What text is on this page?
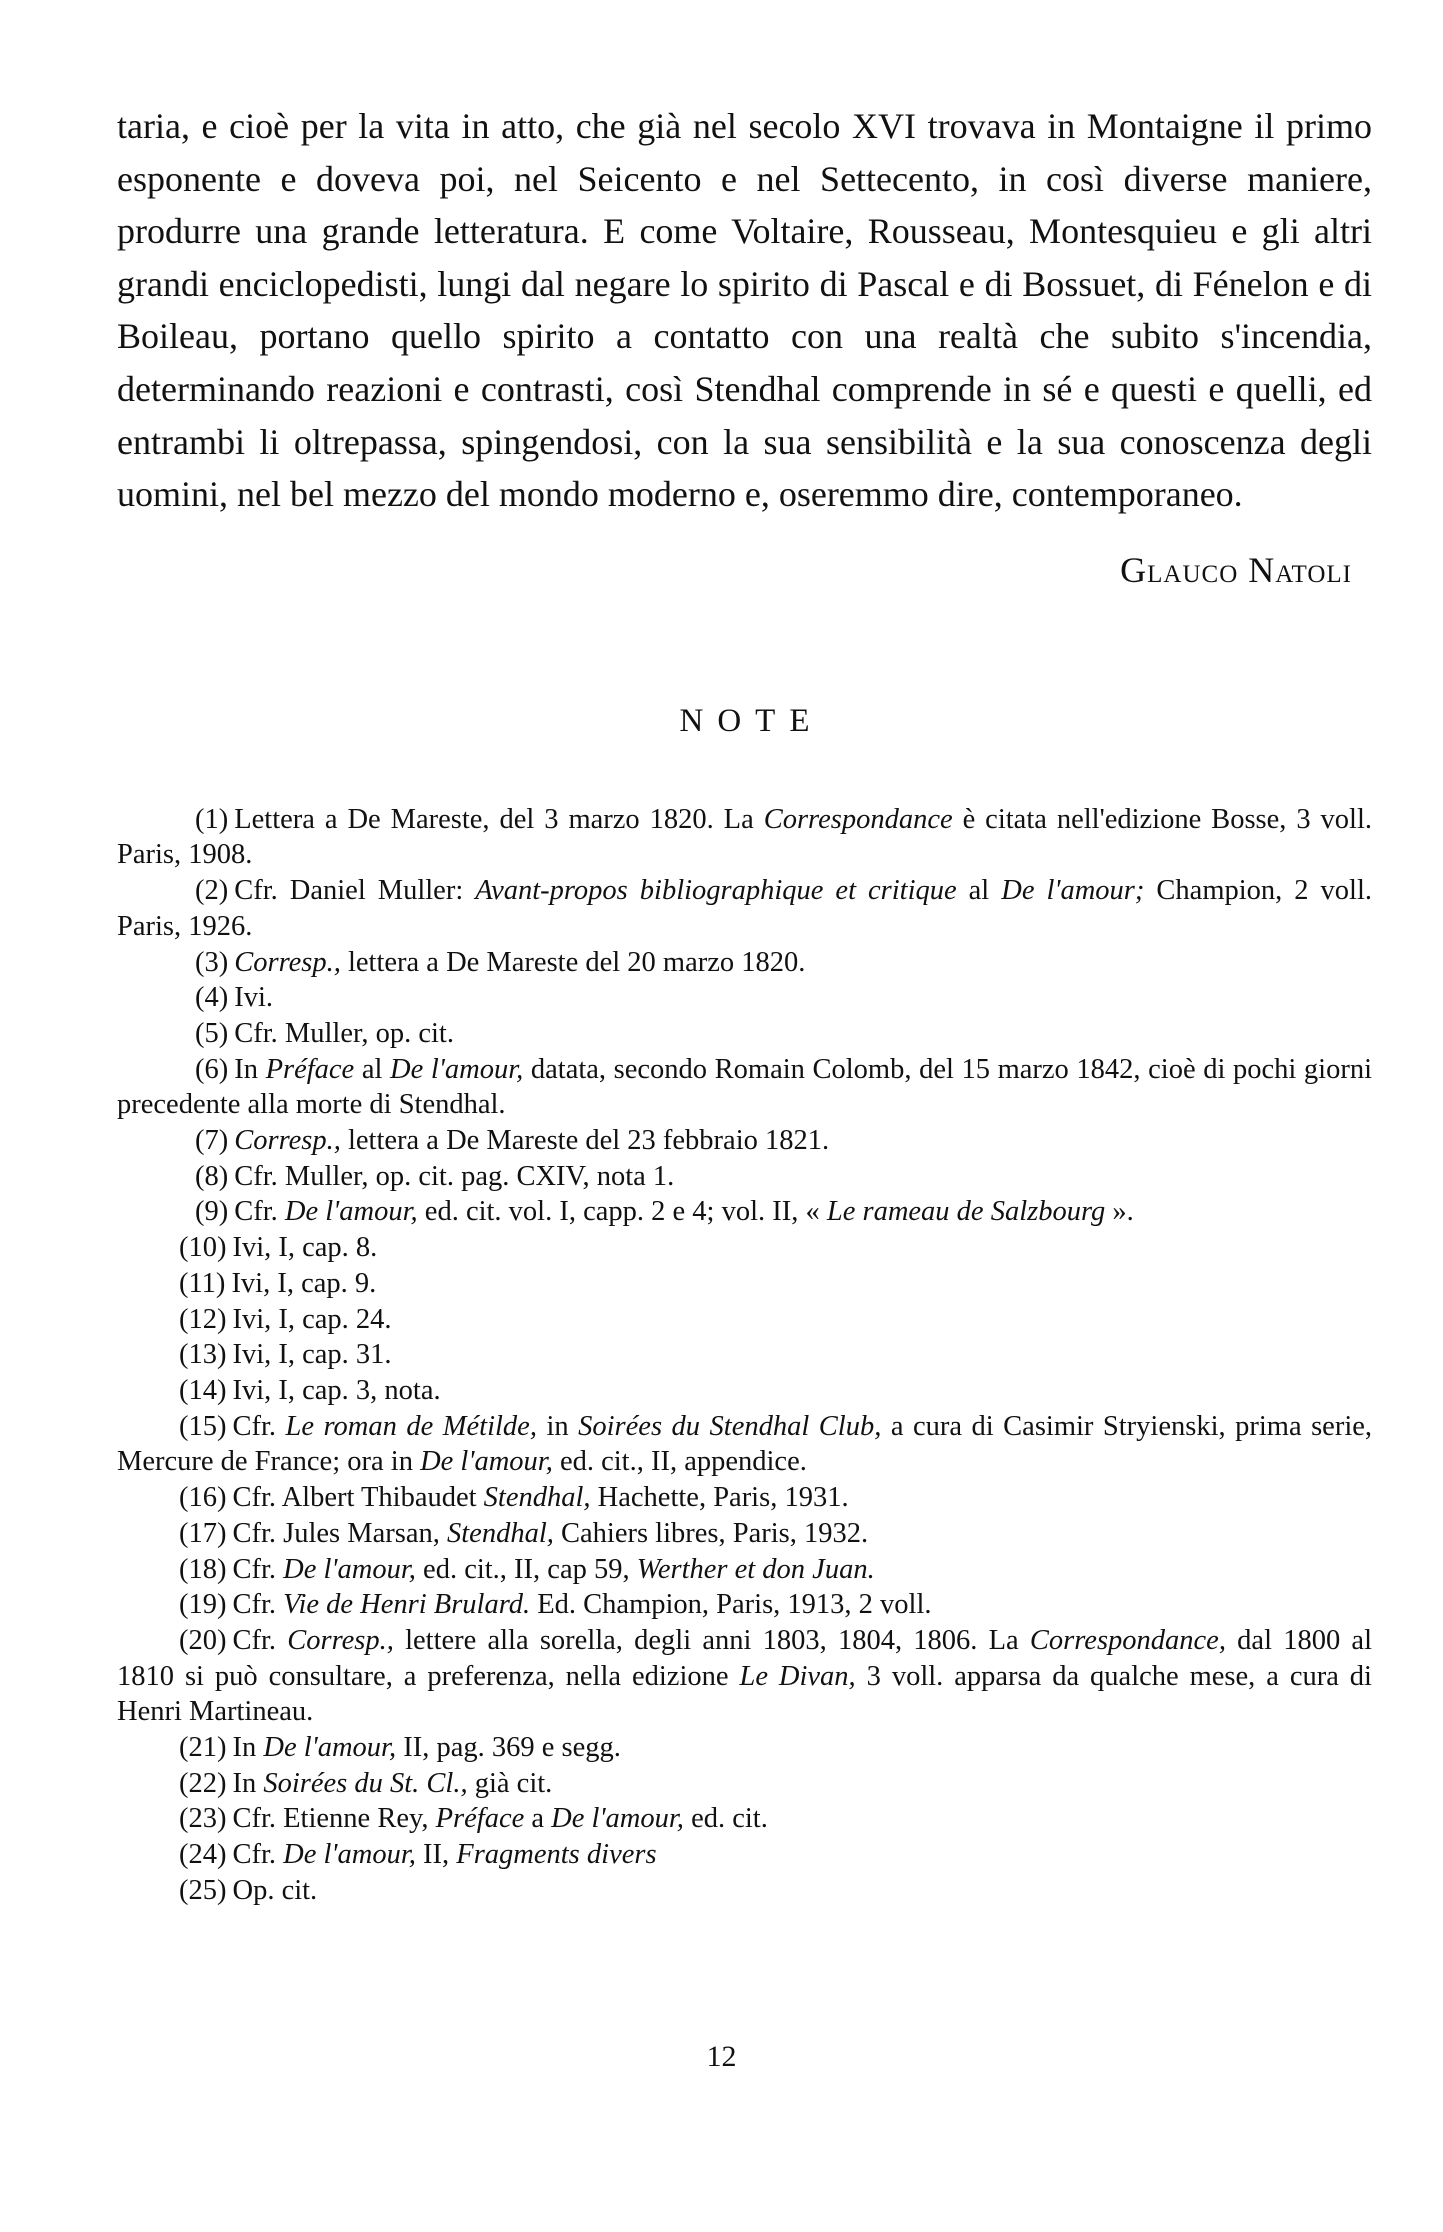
taria, e cioè per la vita in atto, che già nel secolo XVI trovava in Montaigne il primo esponente e doveva poi, nel Seicento e nel Settecento, in così diverse maniere, produrre una grande letteratura. E come Voltaire, Rousseau, Montesquieu e gli altri grandi enciclopedisti, lungi dal negare lo spirito di Pascal e di Bossuet, di Fénelon e di Boileau, portano quello spirito a contatto con una realtà che subito s'incendia, determinando reazioni e contrasti, così Stendhal comprende in sé e questi e quelli, ed entrambi li oltrepassa, spingendosi, con la sua sensibilità e la sua conoscenza degli uomini, nel bel mezzo del mondo moderno e, oseremmo dire, contemporaneo.

Glauco Natoli
NOTE

(1) Lettera a De Mareste, del 3 marzo 1820. La Correspondance è citata nell'edizione Bosse, 3 voll. Paris, 1908.

(2) Cfr. Daniel Muller: Avant-propos bibliographique et critique al De l'amour; Champion, 2 voll. Paris, 1926.

(3) Corresp., lettera a De Mareste del 20 marzo 1820.

(4) Ivi.

(5) Cfr. Muller, op. cit.

(6) In Préface al De l'amour, datata, secondo Romain Colomb, del 15 marzo 1842, cioè di pochi giorni precedente alla morte di Stendhal.

(7) Corresp., lettera a De Mareste del 23 febbraio 1821.

(8) Cfr. Muller, op. cit. pag. CXIV, nota 1.

(9) Cfr. De l'amour, ed. cit. vol. I, capp. 2 e 4; vol. II, « Le rameau de Salzbourg ».

(10) Ivi, I, cap. 8.

(11) Ivi, I, cap. 9.

(12) Ivi, I, cap. 24.

(13) Ivi, I, cap. 31.

(14) Ivi, I, cap. 3, nota.

(15) Cfr. Le roman de Métilde, in Soirées du Stendhal Club, a cura di Casimir Stryienski, prima serie, Mercure de France; ora in De l'amour, ed. cit., II, appendice.

(16) Cfr. Albert Thibaudet Stendhal, Hachette, Paris, 1931.

(17) Cfr. Jules Marsan, Stendhal, Cahiers libres, Paris, 1932.

(18) Cfr. De l'amour, ed. cit., II, cap 59, Werther et don Juan.

(19) Cfr. Vie de Henri Brulard. Ed. Champion, Paris, 1913, 2 voll.

(20) Cfr. Corresp., lettere alla sorella, degli anni 1803, 1804, 1806. La Correspondance, dal 1800 al 1810 si può consultare, a preferenza, nella edizione Le Divan, 3 voll. apparsa da qualche mese, a cura di Henri Martineau.

(21) In De l'amour, II, pag. 369 e segg.

(22) In Soirées du St. Cl., già cit.

(23) Cfr. Etienne Rey, Préface a De l'amour, ed. cit.

(24) Cfr. De l'amour, II, Fragments divers

(25) Op. cit.

12
